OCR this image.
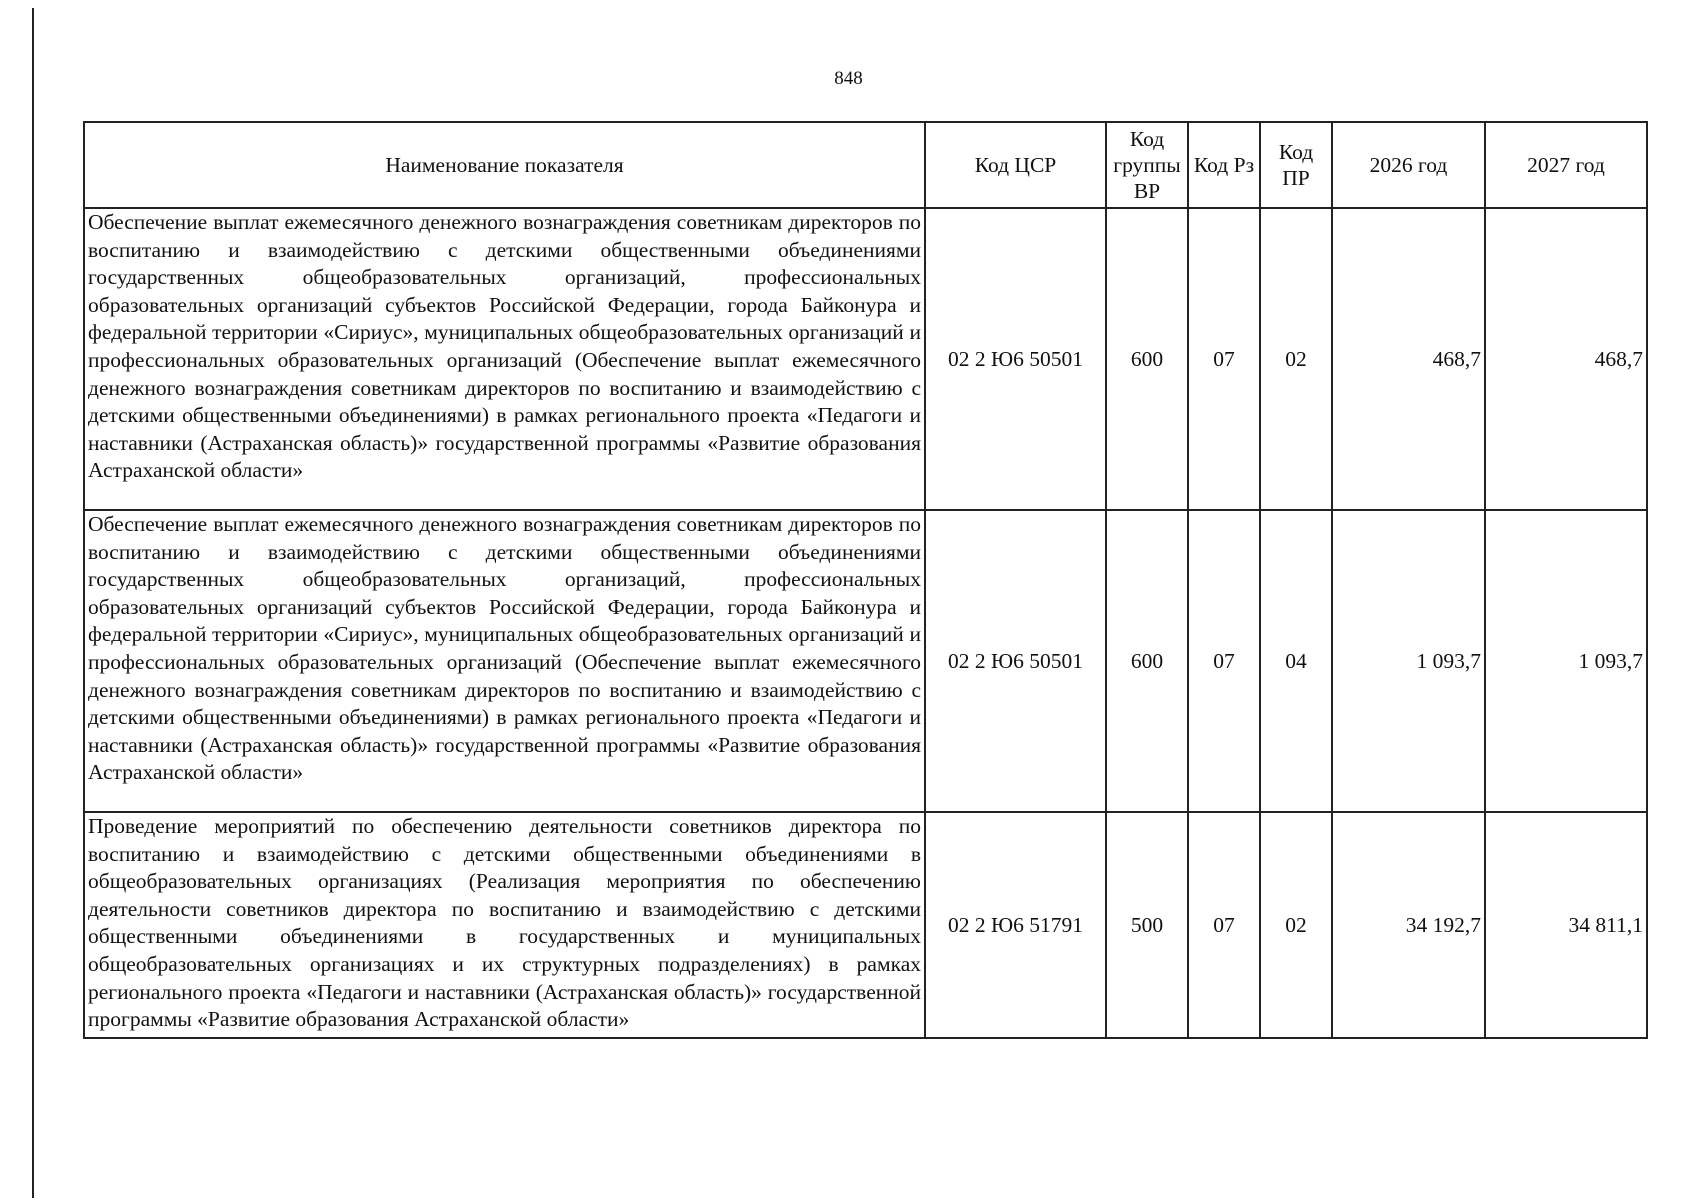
848
Наименование показателя	Код ЦСР	Код группы ВР	Код Рз	Код ПР	2026 год	2027 год
Обеспечение выплат ежемесячного денежного вознаграждения советникам директоров по воспитанию и взаимодействию с детскими общественными объединениями государственных общеобразовательных организаций, профессиональных образовательных организаций субъектов Российской Федерации, города Байконура и федеральной территории «Сириус», муниципальных общеобразовательных организаций и профессиональных образовательных организаций (Обеспечение выплат ежемесячного денежного вознаграждения советникам директоров по воспитанию и взаимодействию с детскими общественными объединениями) в рамках регионального проекта «Педагоги и наставники (Астраханская область)» государственной программы «Развитие образования Астраханской области»	02 2 Ю6 50501	600	07	02	468,7	468,7
Обеспечение выплат ежемесячного денежного вознаграждения советникам директоров по воспитанию и взаимодействию с детскими общественными объединениями государственных общеобразовательных организаций, профессиональных образовательных организаций субъектов Российской Федерации, города Байконура и федеральной территории «Сириус», муниципальных общеобразовательных организаций и профессиональных образовательных организаций (Обеспечение выплат ежемесячного денежного вознаграждения советникам директоров по воспитанию и взаимодействию с детскими общественными объединениями) в рамках регионального проекта «Педагоги и наставники (Астраханская область)» государственной программы «Развитие образования Астраханской области»	02 2 Ю6 50501	600	07	04	1 093,7	1 093,7
Проведение мероприятий по обеспечению деятельности советников директора по воспитанию и взаимодействию с детскими общественными объединениями в общеобразовательных организациях (Реализация мероприятия по обеспечению деятельности советников директора по воспитанию и взаимодействию с детскими общественными объединениями в государственных и муниципальных общеобразовательных организациях и их структурных подразделениях) в рамках регионального проекта «Педагоги и наставники (Астраханская область)» государственной программы «Развитие образования Астраханской области»	02 2 Ю6 51791	500	07	02	34 192,7	34 811,1
